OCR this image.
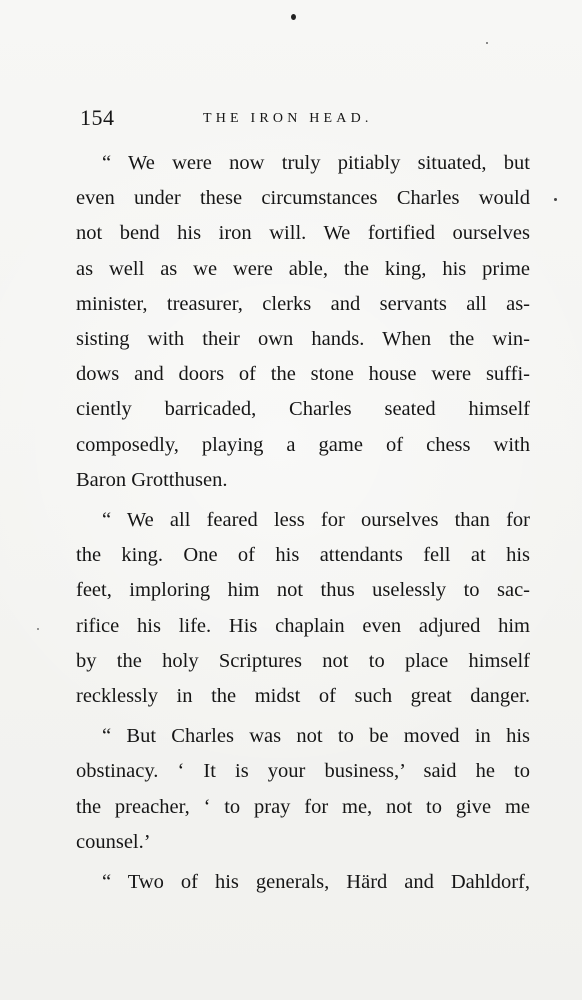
154	THE IRON HEAD.

“ We were now truly pitiably situated, but
even under these circumstances Charles would
not bend his iron will. We fortified ourselves
as well as we were able, the king, his prime
minister, treasurer, clerks and servants all as-
sisting with their own hands. When the win-
dows and doors of the stone house were suffi-
ciently barricaded, Charles seated himself
composedly, playing a game of chess with
Baron Grotthusen.

“ We all feared less for ourselves than for
the king. One of his attendants fell at his
feet, imploring him not thus uselessly to sac-
rifice his life. His chaplain even adjured him
by the holy Scriptures not to place himself
recklessly in the midst of such great danger.

“ But Charles was not to be moved in his
obstinacy. ‘ It is your business,’ said he to
the preacher, ‘ to pray for me, not to give me
counsel.’

“ Two of his generals, Härd and Dahldorf,
